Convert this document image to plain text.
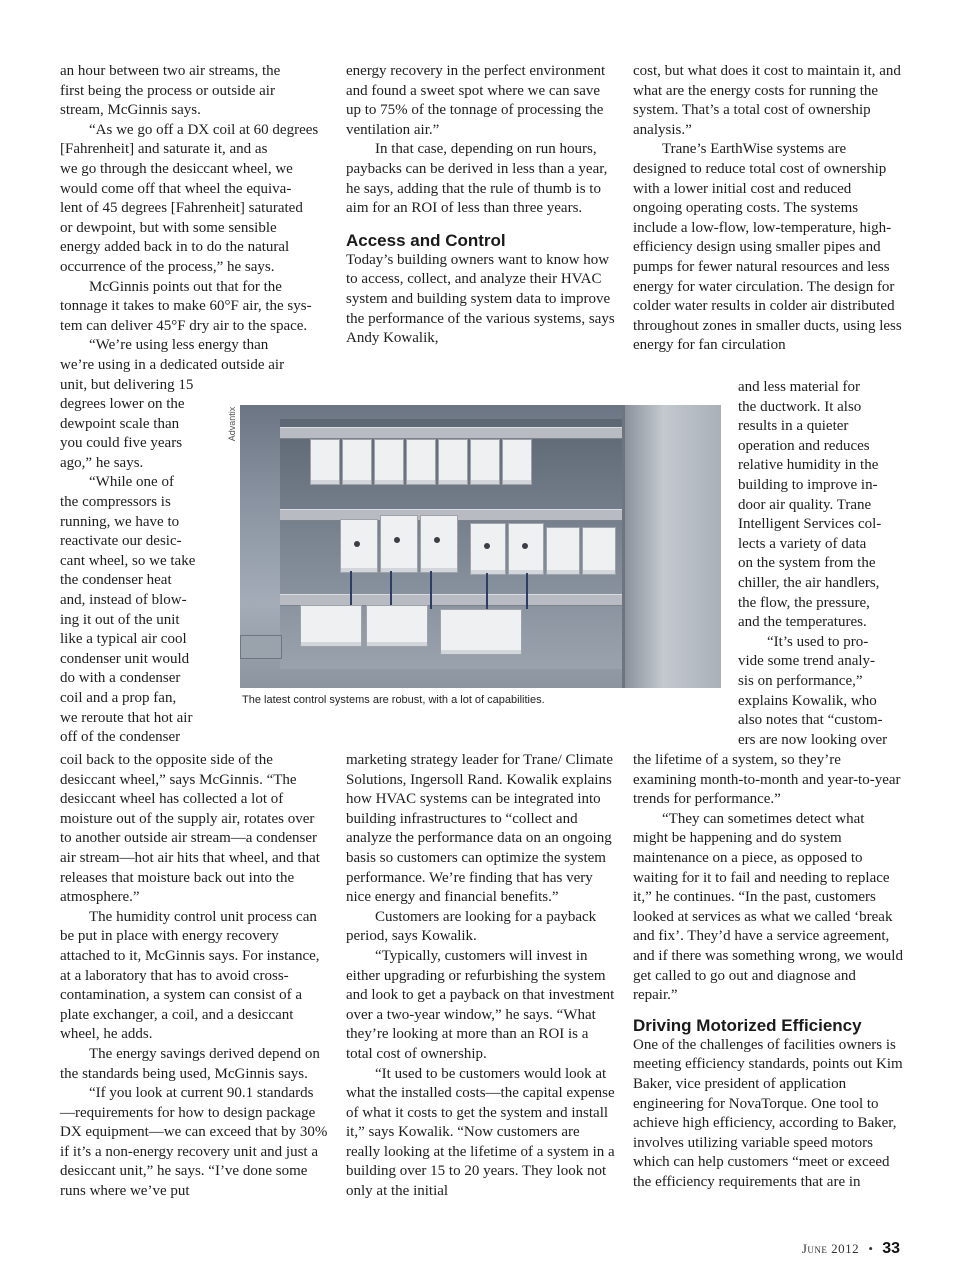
an hour between two air streams, the
first being the process or outside air
stream, McGinnis says.
“As we go off a DX coil at 60 degrees
[Fahrenheit] and saturate it, and as
we go through the desiccant wheel, we
would come off that wheel the equiva-
lent of 45 degrees [Fahrenheit] saturated
or dewpoint, but with some sensible
energy added back in to do the natural
occurrence of the process,” he says.
McGinnis points out that for the
tonnage it takes to make 60°F air, the sys-
tem can deliver 45°F dry air to the space.
“We’re using less energy than
we’re using in a dedicated outside air
unit, but delivering 15
degrees lower on the
dewpoint scale than
you could five years
ago,” he says.
“While one of
the compressors is
running, we have to
reactivate our desic-
cant wheel, so we take
the condenser heat
and, instead of blow-
ing it out of the unit
like a typical air cool
condenser unit would
do with a condenser
coil and a prop fan,
we reroute that hot air
off of the condenser

coil back to the opposite side of the desiccant wheel,” says McGinnis. “The desiccant wheel has collected a lot of moisture out of the supply air, rotates over to another outside air stream—a condenser air stream—hot air hits that wheel, and that releases that moisture back out into the atmosphere.”

The humidity control unit process can be put in place with energy recovery attached to it, McGinnis says. For instance, at a laboratory that has to avoid cross-contamination, a system can consist of a plate exchanger, a coil, and a desiccant wheel, he adds.

The energy savings derived depend on the standards being used, McGinnis says.

“If you look at current 90.1 standards—requirements for how to design package DX equipment—we can exceed that by 30% if it’s a non-energy recovery unit and just a desiccant unit,” he says. “I’ve done some runs where we’ve put

energy recovery in the perfect environment and found a sweet spot where we can save up to 75% of the tonnage of processing the ventilation air.”

In that case, depending on run hours, paybacks can be derived in less than a year, he says, adding that the rule of thumb is to aim for an ROI of less than three years.

Access and Control

Today’s building owners want to know how to access, collect, and analyze their HVAC system and building system data to improve the performance of the various systems, says Andy Kowalik,

marketing strategy leader for Trane/ Climate Solutions, Ingersoll Rand. Kowalik explains how HVAC systems can be integrated into building infrastructures to “collect and analyze the performance data on an ongoing basis so customers can optimize the system performance. We’re finding that has very nice energy and financial benefits.”

Customers are looking for a payback period, says Kowalik.

“Typically, customers will invest in either upgrading or refurbishing the system and look to get a payback on that investment over a two-year window,” he says. “What they’re looking at more than an ROI is a total cost of ownership.

“It used to be customers would look at what the installed costs—the capital expense of what it costs to get the system and install it,” says Kowalik. “Now customers are really looking at the lifetime of a system in a building over 15 to 20 years. They look not only at the initial

cost, but what does it cost to maintain it, and what are the energy costs for running the system. That’s a total cost of ownership analysis.”

Trane’s EarthWise systems are designed to reduce total cost of ownership with a lower initial cost and reduced ongoing operating costs. The systems include a low-flow, low-temperature, high-efficiency design using smaller pipes and pumps for fewer natural resources and less energy for water circulation. The design for colder water results in colder air distributed throughout zones in smaller ducts, using less energy for fan circulation

and less material for
the ductwork. It also
results in a quieter
operation and reduces
relative humidity in the
building to improve in-
door air quality. Trane
Intelligent Services col-
lects a variety of data
on the system from the
chiller, the air handlers,
the flow, the pressure,
and the temperatures.
“It’s used to pro-
vide some trend analy-
sis on performance,”
explains Kowalik, who
also notes that “custom-
ers are now looking over

the lifetime of a system, so they’re examining month-to-month and year-to-year trends for performance.”

“They can sometimes detect what might be happening and do system maintenance on a piece, as opposed to waiting for it to fail and needing to replace it,” he continues. “In the past, customers looked at services as what we called ‘break and fix’. They’d have a service agreement, and if there was something wrong, we would get called to go out and diagnose and repair.”

Driving Motorized Efficiency

One of the challenges of facilities owners is meeting efficiency standards, points out Kim Baker, vice president of application engineering for NovaTorque. One tool to achieve high efficiency, according to Baker, involves utilizing variable speed motors which can help customers “meet or exceed the efficiency requirements that are in

Advantix
The latest control systems are robust, with a lot of capabilities.
June 2012 • 33
